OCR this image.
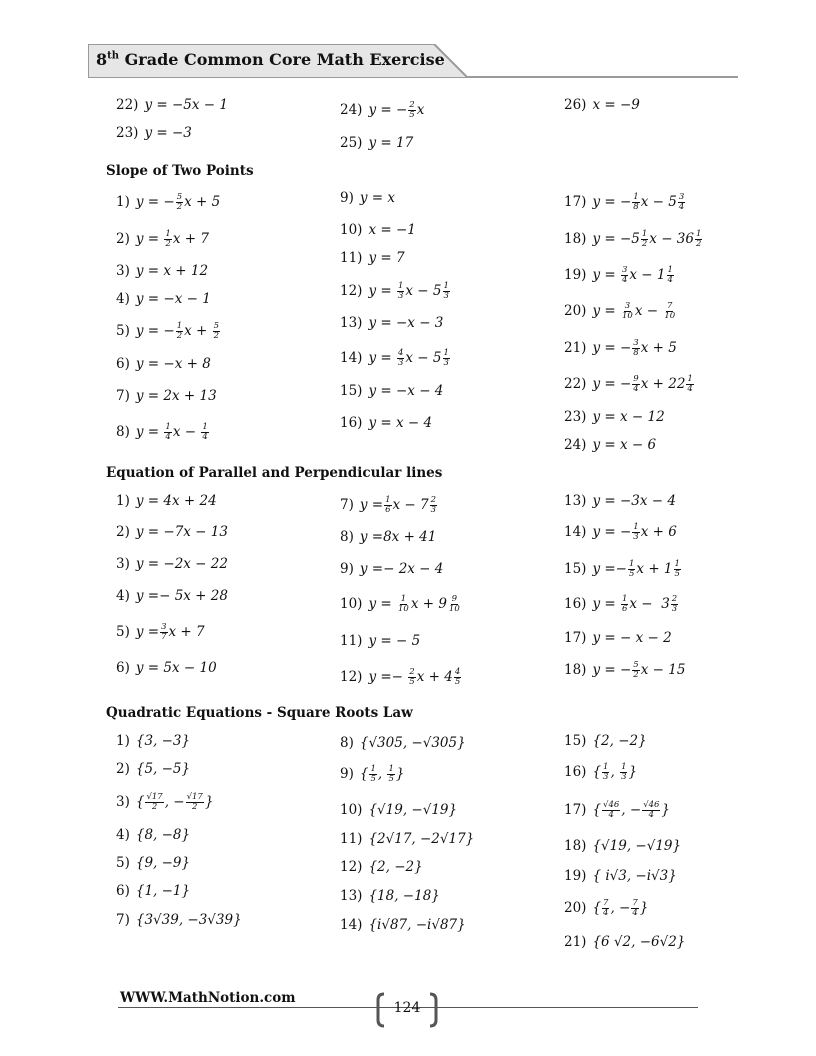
8th Grade Common Core Math Exercise
Slope of Two Points
Equation of Parallel and Perpendicular lines
Quadratic Equations - Square Roots Law
22) y = −5x − 1
23) y = −3
24) y = − $\frac{2}{5}$ x
25) y = 17
26) x = −9
1) y = − $\frac{5}{2}$ x + 5
2) $y = \frac{1}{2}$ x + 7
3) y = x + 12
4) y = −x − 1
5) y = − $\frac{1}{2}$ $x + \frac{5}{2}$
6) y = −x + 8
7) y = 2x + 13
8) $y = \frac{1}{4}$ $x - \frac{1}{4}$
9) y = x
10) x = −1
11) y = 7
12) $y = \frac{1}{3}$ $x - 5 \frac{1}{3}$
13) y = −x − 3
14) $y = \frac{4}{3}$ $x - 5 \frac{1}{3}$
15) y = −x − 4
16) y = x − 4
17) y = − $\frac{1}{8}$ $x - 5 \frac{3}{4}$
18) $y = -5 \frac{1}{2}$ $x - 36 \frac{1}{2}$
19) $y = \frac{3}{4}$ $x - 1 \frac{1}{4}$
20) $y = \frac{3}{10}$ $x - \frac{7}{10}$
21) y = − $\frac{3}{8}$ x + 5
22) y = − $\frac{9}{4}$ $x + 22 \frac{1}{4}$
23) y = x − 12
24) y = x − 6
1) y = 4x + 24
2) y = −7x − 13
3) y = −2x − 22
4) y =− 5x + 28
5) $y = \frac{3}{7}$ x + 7
6) y = 5x − 10
7) $y = \frac{1}{6}$ $x - 7 \frac{2}{3}$
8) y =8x + 41
9) y =− 2x − 4
10) $y = \frac{1}{10}$ $x + 9 \frac{9}{10}$
11) y = − 5
12) $y =- \frac{2}{5}$ $x + 4 \frac{4}{5}$
13) y = −3x − 4
14) y = − $\frac{1}{3}$ x + 6
15) $y =- \frac{1}{5}$ $x + 1 \frac{1}{5}$
16) $y = \frac{1}{6}$ $x - 3 \frac{2}{3}$
17) y = − x − 2
18) y = − $\frac{5}{2}$ x − 15
1) {3, −3}
2) {5, −5}
3) { $\frac{√17}{2}$ , − $\frac{√17}{2}$ }
4) {8, −8}
5) {9, −9}
6) {1, −1}
7) {3√39, −3√39}
8) {√305, −√305}
9) { $\frac{1}{5}$ , $\frac{1}{5}$ }
10) {√19, −√19}
11) {2√17, −2√17}
12) {2, −2}
13) {18, −18}
14) {i√87, −i√87}
15) {2, −2}
16) { $\frac{1}{3}$ , $\frac{1}{3}$ }
17) { $\frac{√46}{4}$ , − $\frac{√46}{4}$ }
18) {√19, −√19}
19) { i√3, −i√3}
20) { $\frac{7}{4}$ , − $\frac{7}{4}$ }
21) {6 √2, −6√2}
WWW.MathNotion.com
124
